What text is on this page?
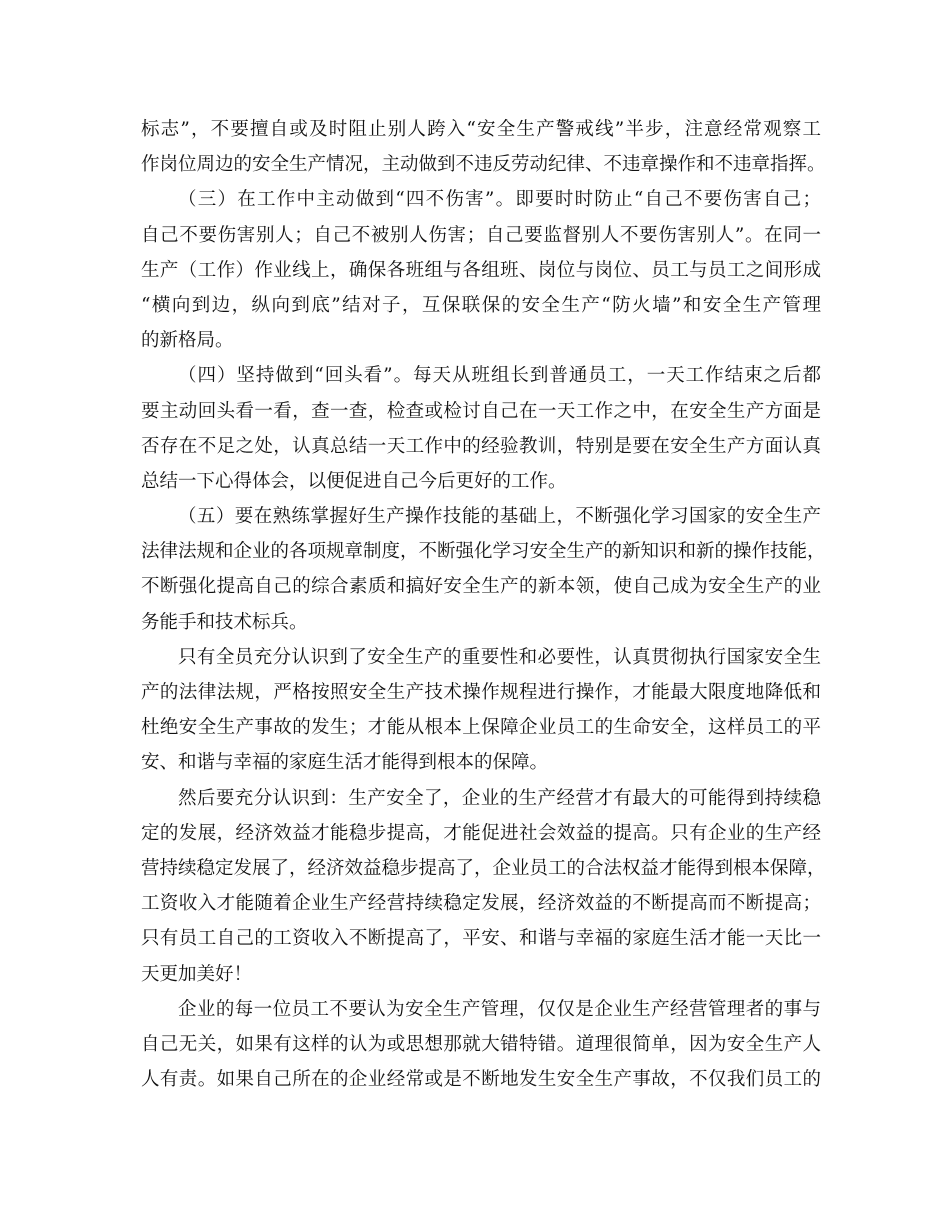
标志”，不要擅自或及时阻止别人跨入“安全生产警戒线”半步，注意经常观察工
作岗位周边的安全生产情况，主动做到不违反劳动纪律、不违章操作和不违章指挥。
（三）在工作中主动做到“四不伤害”。即要时时防止“自己不要伤害自己；
自己不要伤害别人；自己不被别人伤害；自己要监督别人不要伤害别人”。在同一
生产（工作）作业线上，确保各班组与各组班、岗位与岗位、员工与员工之间形成
“横向到边，纵向到底”结对子，互保联保的安全生产“防火墙”和安全生产管理
的新格局。
（四）坚持做到“回头看”。每天从班组长到普通员工，一天工作结束之后都
要主动回头看一看，查一查，检查或检讨自己在一天工作之中，在安全生产方面是
否存在不足之处，认真总结一天工作中的经验教训，特别是要在安全生产方面认真
总结一下心得体会，以便促进自己今后更好的工作。
（五）要在熟练掌握好生产操作技能的基础上，不断强化学习国家的安全生产
法律法规和企业的各项规章制度，不断强化学习安全生产的新知识和新的操作技能，
不断强化提高自己的综合素质和搞好安全生产的新本领，使自己成为安全生产的业
务能手和技术标兵。
只有全员充分认识到了安全生产的重要性和必要性，认真贯彻执行国家安全生
产的法律法规，严格按照安全生产技术操作规程进行操作，才能最大限度地降低和
杜绝安全生产事故的发生；才能从根本上保障企业员工的生命安全，这样员工的平
安、和谐与幸福的家庭生活才能得到根本的保障。
然后要充分认识到：生产安全了，企业的生产经营才有最大的可能得到持续稳
定的发展，经济效益才能稳步提高，才能促进社会效益的提高。只有企业的生产经
营持续稳定发展了，经济效益稳步提高了，企业员工的合法权益才能得到根本保障，
工资收入才能随着企业生产经营持续稳定发展，经济效益的不断提高而不断提高；
只有员工自己的工资收入不断提高了，平安、和谐与幸福的家庭生活才能一天比一
天更加美好！
企业的每一位员工不要认为安全生产管理，仅仅是企业生产经营管理者的事与
自己无关，如果有这样的认为或思想那就大错特错。道理很简单，因为安全生产人
人有责。如果自己所在的企业经常或是不断地发生安全生产事故，不仅我们员工的
